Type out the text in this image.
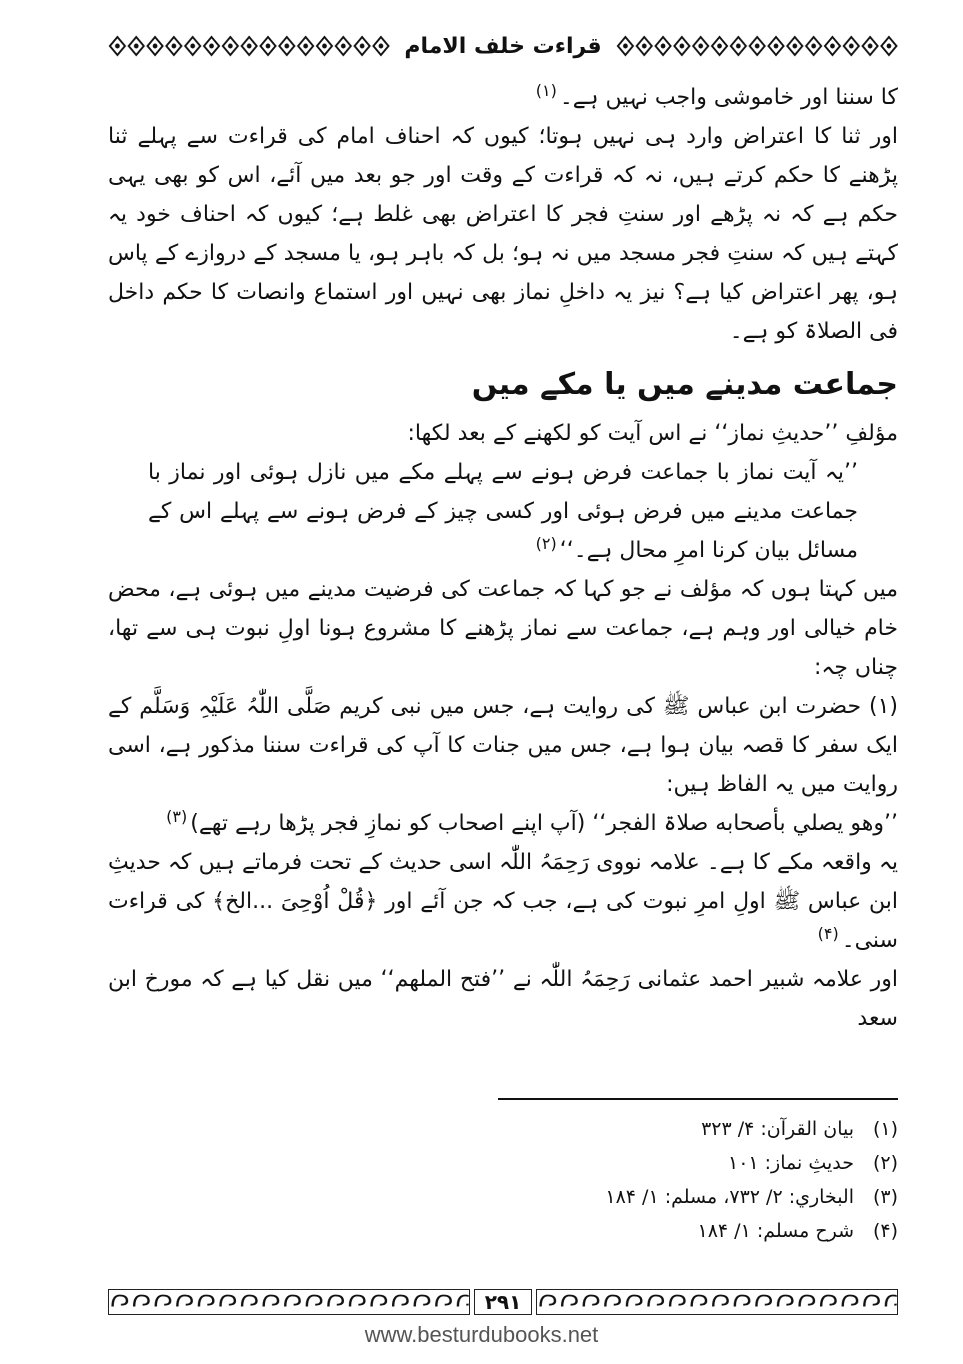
قراءت خلف الامام

کا سننا اور خاموشی واجب نہیں ہے۔$^{(۱)}$

اور ثنا کا اعتراض وارد ہی نہیں ہوتا؛ کیوں کہ احناف امام کی قراءت سے پہلے ثنا پڑھنے کا حکم کرتے ہیں، نہ کہ قراءت کے وقت اور جو بعد میں آئے، اس کو بھی یہی حکم ہے کہ نہ پڑھے اور سنتِ فجر کا اعتراض بھی غلط ہے؛ کیوں کہ احناف خود یہ کہتے ہیں کہ سنتِ فجر مسجد میں نہ ہو؛ بل کہ باہر ہو، یا مسجد کے دروازے کے پاس ہو، پھر اعتراض کیا ہے؟ نیز یہ داخلِ نماز بھی نہیں اور استماع وانصات کا حکم داخل فی الصلاۃ کو ہے۔

جماعت مدینے میں یا مکے میں

مؤلفِ ’’حدیثِ نماز‘‘ نے اس آیت کو لکھنے کے بعد لکھا:

’’یہ آیت نماز با جماعت فرض ہونے سے پہلے مکے میں نازل ہوئی اور نماز با جماعت مدینے میں فرض ہوئی اور کسی چیز کے فرض ہونے سے پہلے اس کے مسائل بیان کرنا امرِ محال ہے۔‘‘$^{(۲)}$

میں کہتا ہوں کہ مؤلف نے جو کہا کہ جماعت کی فرضیت مدینے میں ہوئی ہے، محض خام خیالی اور وہم ہے، جماعت سے نماز پڑھنے کا مشروع ہونا اولِ نبوت ہی سے تھا، چناں چہ:

(۱) حضرت ابن عباس ﷺ کی روایت ہے، جس میں نبی کریم صَلَّی اللّٰہُ عَلَیْہِ وَسَلَّم کے ایک سفر کا قصہ بیان ہوا ہے، جس میں جنات کا آپ کی قراءت سننا مذکور ہے، اسی روایت میں یہ الفاظ ہیں:

’’وھو یصلي بأصحابه صلاۃ الفجر‘‘ (آپ اپنے اصحاب کو نمازِ فجر پڑھا رہے تھے)$^{(۳)}$

یہ واقعہ مکے کا ہے۔ علامہ نووی رَحِمَہُ اللّٰہ اسی حدیث کے تحت فرماتے ہیں کہ حدیثِ ابن عباس ﷺ اولِ امرِ نبوت کی ہے، جب کہ جن آئے اور ﴿قُلْ اُوْحِیَ ...الخ﴾ کی قراءت سنی۔$^{(۴)}$

اور علامہ شبیر احمد عثمانی رَحِمَہُ اللّٰہ نے ’’فتح الملهم‘‘ میں نقل کیا ہے کہ مورخ ابن سعد

(۱)
بیان القرآن: ۴/ ۳۲۳
(۲)
حدیثِ نماز: ۱۰۱
(۳)
البخاري: ۲/ ۷۳۲، مسلم: ۱/ ۱۸۴
(۴)
شرح مسلم: ۱/ ۱۸۴
۲۹۱
www.besturdubooks.net
